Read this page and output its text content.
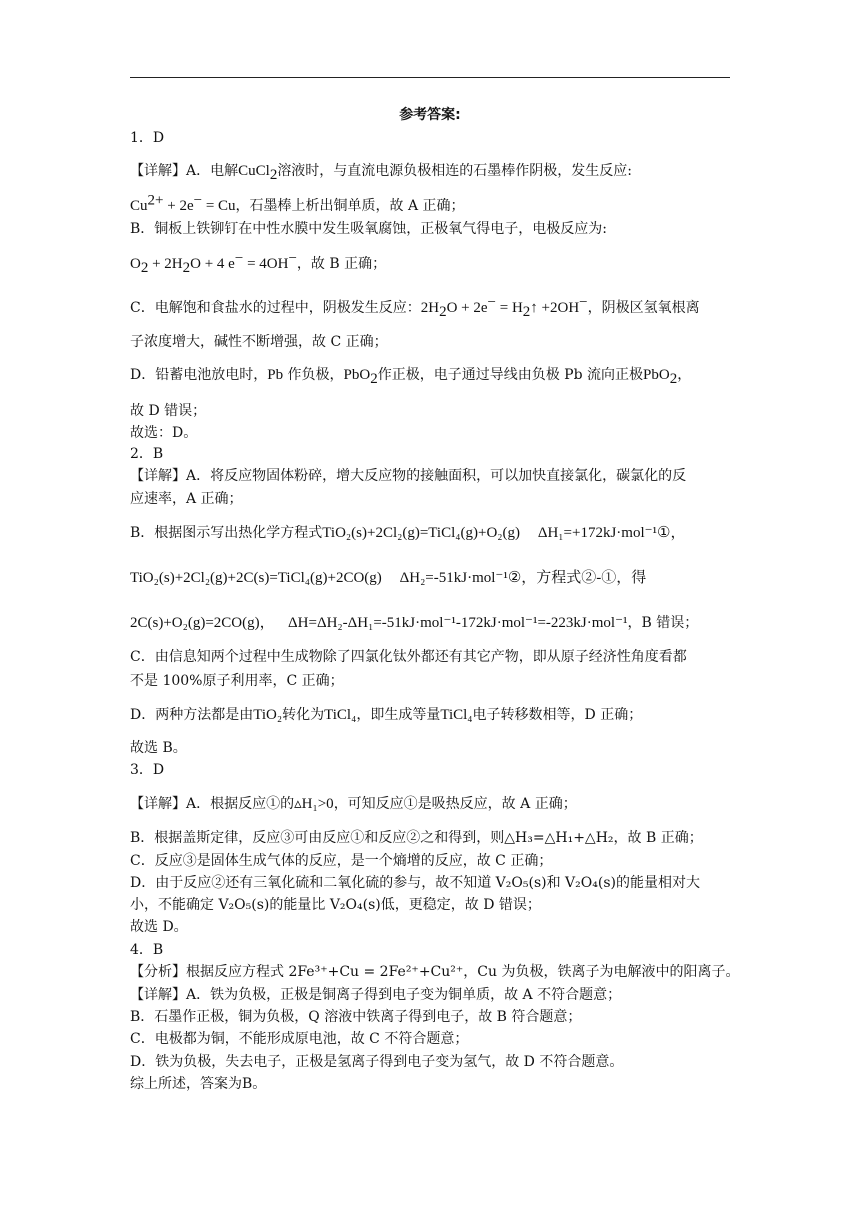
参考答案:
1．D
【详解】A．电解CuCl$_2$溶液时，与直流电源负极相连的石墨棒作阴极，发生反应:
$Cu^{2+} + 2e^- = Cu$，石墨棒上析出铜单质，故 A 正确；
B．铜板上铁铆钉在中性水膜中发生吸氧腐蚀，正极氧气得电子，电极反应为:
$O_2 + 2H_2O + 4$ e− = 4OH−，故 B 正确；
C．电解饱和食盐水的过程中，阴极发生反应：$2H_2O + 2e^-$ = $H_2↑ +2OH^-$，阴极区氢氧根离
子浓度增大，碱性不断增强，故 C 正确；
D．铅蓄电池放电时，Pb 作负极，PbO$_2$作正极，电子通过导线由负极 Pb 流向正极PbO$_2$，
故 D 错误；
故选：D。
2．B
【详解】A．将反应物固体粉碎，增大反应物的接触面积，可以加快直接氯化，碳氯化的反
应速率，A 正确；
B．根据图示写出热化学方程式TiO₂(s)+2Cl₂(g)=TiCl₄(g)+O₂(g) ΔH₁=+172kJ·mol⁻¹①，
TiO₂(s)+2Cl₂(g)+2C(s)=TiCl₄(g)+2CO(g) ΔH₂=-51kJ·mol⁻¹②，方程式②-①，得
2C(s)+O₂(g)=2CO(g)， ΔH=ΔH₂-ΔH₁=-51kJ·mol⁻¹-172kJ·mol⁻¹=-223kJ·mol⁻¹，B 错误；
C．由信息知两个过程中生成物除了四氯化钛外都还有其它产物，即从原子经济性角度看都
不是 100%原子利用率，C 正确；
D．两种方法都是由TiO₂转化为TiCl₄，即生成等量TiCl₄电子转移数相等，D 正确；
故选 B。
3．D
【详解】A．根据反应①的▵H₁>0，可知反应①是吸热反应，故 A 正确；
B．根据盖斯定律，反应③可由反应①和反应②之和得到，则△H₃=△H₁+△H₂，故 B 正确；
C．反应③是固体生成气体的反应，是一个熵增的反应，故 C 正确；
D．由于反应②还有三氧化硫和二氧化硫的参与，故不知道 V₂O₅(s)和 V₂O₄(s)的能量相对大
小，不能确定 V₂O₅(s)的能量比 V₂O₄(s)低，更稳定，故 D 错误；
故选 D。
4．B
【分析】根据反应方程式 2Fe³⁺+Cu = 2Fe²⁺+Cu²⁺，Cu 为负极，铁离子为电解液中的阳离子。
【详解】A．铁为负极，正极是铜离子得到电子变为铜单质，故 A 不符合题意；
B．石墨作正极，铜为负极，Q 溶液中铁离子得到电子，故 B 符合题意；
C．电极都为铜，不能形成原电池，故 C 不符合题意；
D．铁为负极，失去电子，正极是氢离子得到电子变为氢气，故 D 不符合题意。
综上所述，答案为B。
